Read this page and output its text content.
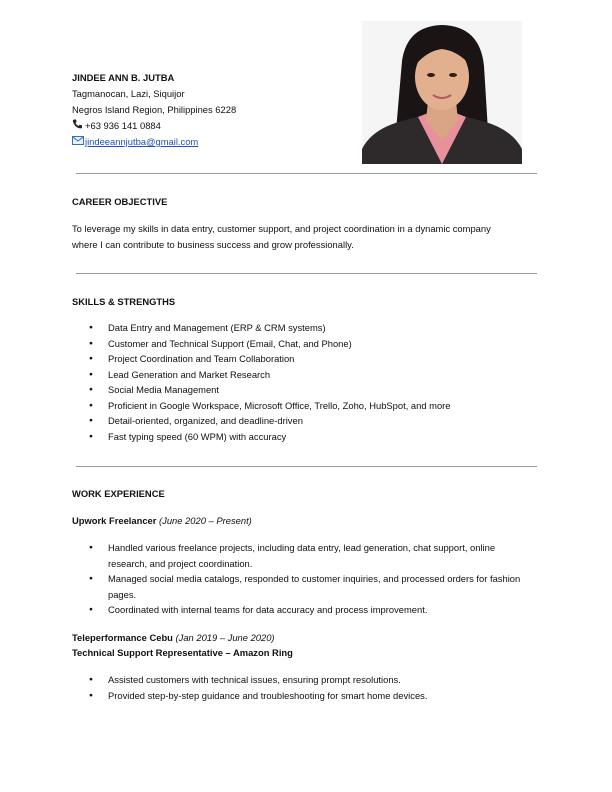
JINDEE ANN B. JUTBA
Tagmanocan, Lazi, Siquijor
Negros Island Region, Philippines 6228
+63 936 141 0884
jindeeannjutba@gmail.com
CAREER OBJECTIVE
To leverage my skills in data entry, customer support, and project coordination in a dynamic company
where I can contribute to business success and grow professionally.
SKILLS & STRENGTHS
● Data Entry and Management (ERP & CRM systems)
● Customer and Technical Support (Email, Chat, and Phone)
● Project Coordination and Team Collaboration
● Lead Generation and Market Research
● Social Media Management
● Proficient in Google Workspace, Microsoft Office, Trello, Zoho, HubSpot, and more
● Detail-oriented, organized, and deadline-driven
● Fast typing speed (60 WPM) with accuracy
WORK EXPERIENCE
Upwork Freelancer (June 2020 – Present)
● Handled various freelance projects, including data entry, lead generation, chat support, online research, and project coordination.
● Managed social media catalogs, responded to customer inquiries, and processed orders for fashion pages.
● Coordinated with internal teams for data accuracy and process improvement.
Teleperformance Cebu (Jan 2019 – June 2020)
Technical Support Representative – Amazon Ring
● Assisted customers with technical issues, ensuring prompt resolutions.
● Provided step-by-step guidance and troubleshooting for smart home devices.
